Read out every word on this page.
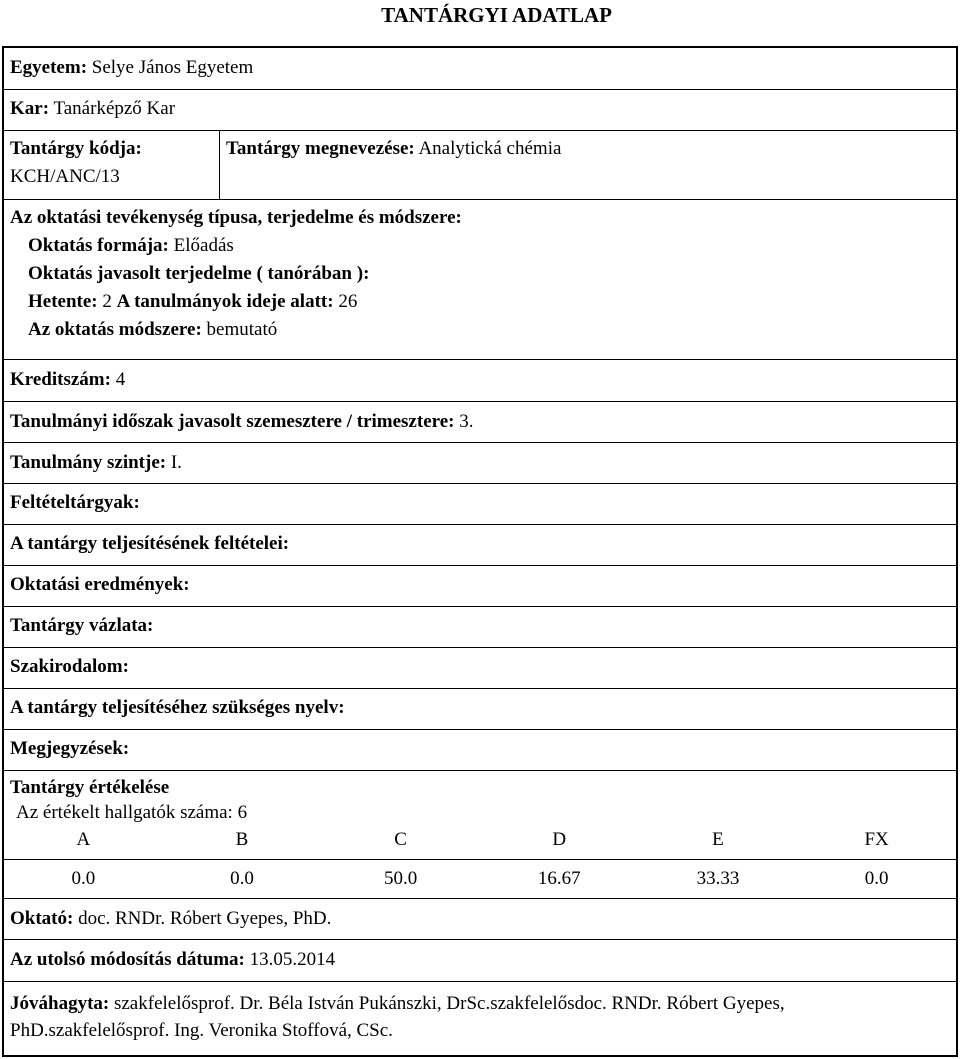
TANTÁRGYI ADATLAP
Egyetem: Selye János Egyetem
Kar: Tanárképző Kar
Tantárgy kódja:
KCH/ANC/13
Tantárgy megnevezése: Analytická chémia
Az oktatási tevékenység típusa, terjedelme és módszere:
Oktatás formája: Előadás
Oktatás javasolt terjedelme ( tanórában ):
Hetente: 2 A tanulmányok ideje alatt: 26
Az oktatás módszere: bemutató
Kreditszám: 4
Tanulmányi időszak javasolt szemesztere / trimesztere: 3.
Tanulmány szintje: I.
Feltételtárgyak:
A tantárgy teljesítésének feltételei:
Oktatási eredmények:
Tantárgy vázlata:
Szakirodalom:
A tantárgy teljesítéséhez szükséges nyelv:
Megjegyzések:
Tantárgy értékelése
Az értékelt hallgatók száma: 6
A	B	C	D	E	FX
0.0	0.0	50.0	16.67	33.33	0.0
Oktató: doc. RNDr. Róbert Gyepes, PhD.
Az utolsó módosítás dátuma: 13.05.2014
Jóváhagyta: szakfelelősprof. Dr. Béla István Pukánszki, DrSc.szakfelelősdoc. RNDr. Róbert Gyepes, PhD.szakfelelősprof. Ing. Veronika Stoffová, CSc.
